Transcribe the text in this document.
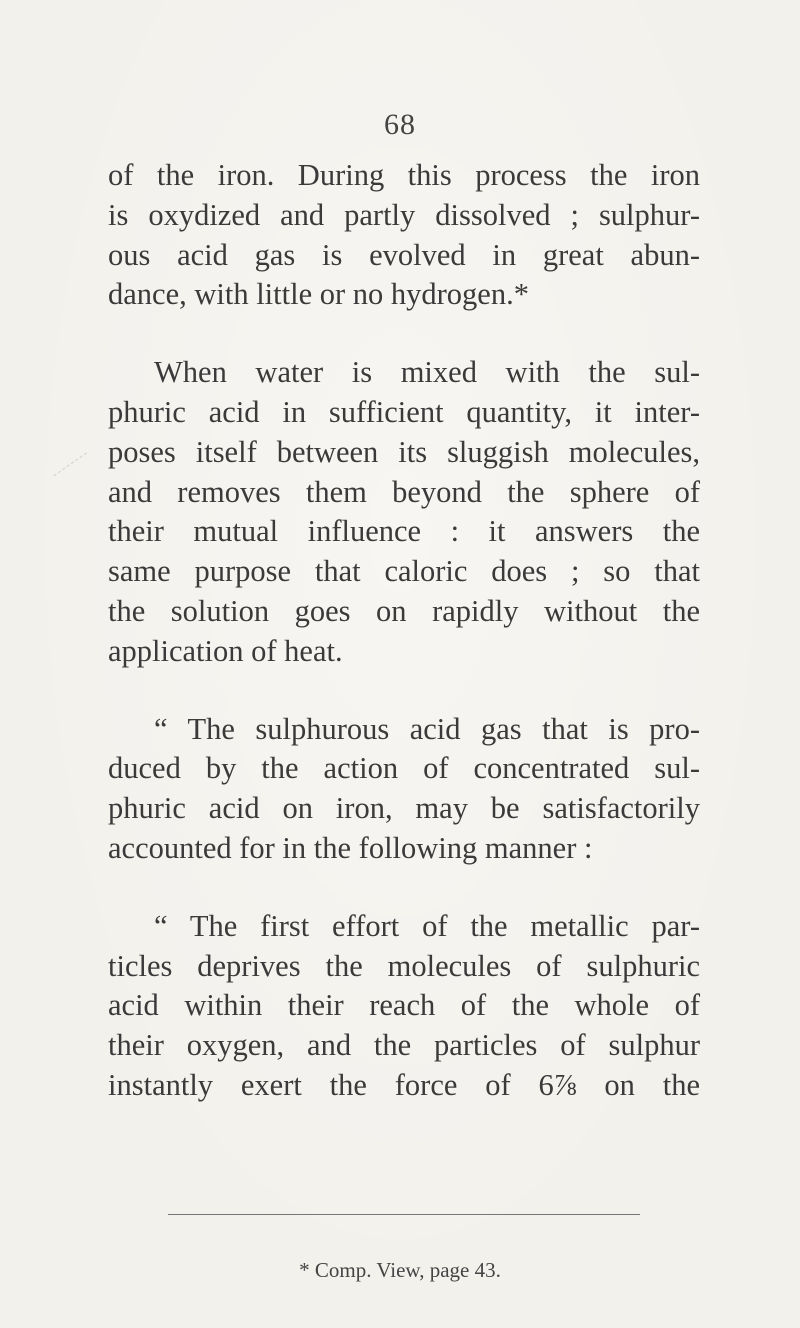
68
of the iron. During this process the iron
is oxydized and partly dissolved ; sulphur-
ous acid gas is evolved in great abun-
dance, with little or no hydrogen.*
When water is mixed with the sul-
phuric acid in sufficient quantity, it inter-
poses itself between its sluggish molecules,
and removes them beyond the sphere of
their mutual influence : it answers the
same purpose that caloric does ; so that
the solution goes on rapidly without the
application of heat.
“ The sulphurous acid gas that is pro-
duced by the action of concentrated sul-
phuric acid on iron, may be satisfactorily
accounted for in the following manner :
“ The first effort of the metallic par-
ticles deprives the molecules of sulphuric
acid within their reach of the whole of
their oxygen, and the particles of sulphur
instantly exert the force of 6⅞ on the
* Comp. View, page 43.
